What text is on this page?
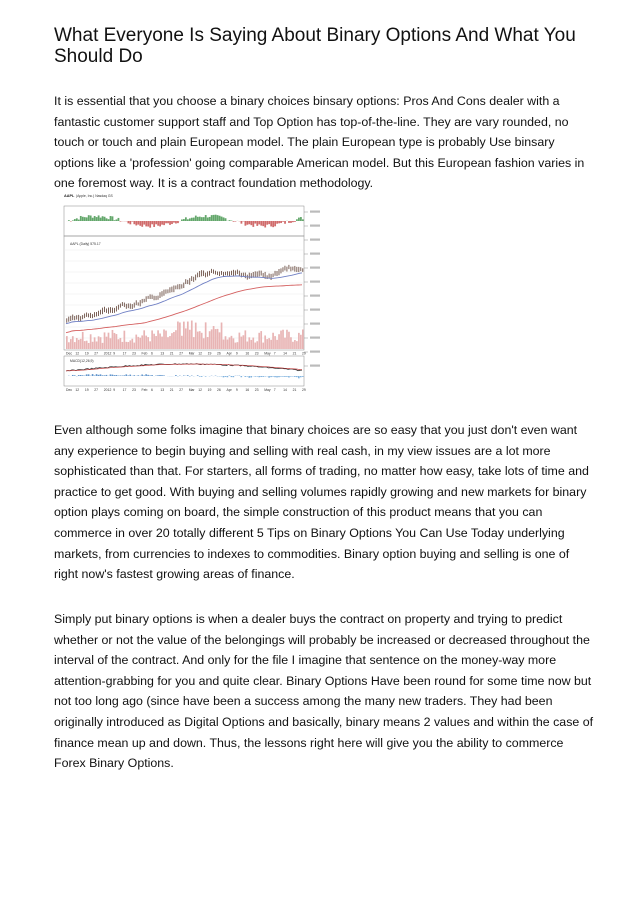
What Everyone Is Saying About Binary Options And What You Should Do

It is essential that you choose a binary choices binsary options: Pros And Cons dealer with a fantastic customer support staff and Top Option has top-of-the-line. They are vary rounded, no touch or touch and plain European model. The plain European type is probably Use binsary options like a 'profession' going comparable American model. But this European fashion varies in one foremost way. It is a contract foundation methodology.

AAPL (Apple, Inc.) Nasdaq GS
AAPL (Daily) 575.17
Dec 12 19 27 2012 9 17 23 Feb 6 13 21 27 Mar 12 19 26 Apr 9 16 23 May 7 14 21 29
MACD(12,26,9)
Dec 12 19 27 2012 9 17 23 Feb 6 13 21 27 Mar 12 19 26 Apr 9 16 23 May 7 14 21 29

Even although some folks imagine that binary choices are so easy that you just don't even want any experience to begin buying and selling with real cash, in my view issues are a lot more sophisticated than that. For starters, all forms of trading, no matter how easy, take lots of time and practice to get good. With buying and selling volumes rapidly growing and new markets for binary option plays coming on board, the simple construction of this product means that you can commerce in over 20 totally different 5 Tips on Binary Options You Can Use Today underlying markets, from currencies to indexes to commodities. Binary option buying and selling is one of right now's fastest growing areas of finance.

Simply put binary options is when a dealer buys the contract on property and trying to predict whether or not the value of the belongings will probably be increased or decreased throughout the interval of the contract. And only for the file I imagine that sentence on the money-way more attention-grabbing for you and quite clear. Binary Options Have been round for some time now but not too long ago (since have been a success among the many new traders. They had been originally introduced as Digital Options and basically, binary means 2 values and within the case of finance mean up and down. Thus, the lessons right here will give you the ability to commerce Forex Binary Options.
